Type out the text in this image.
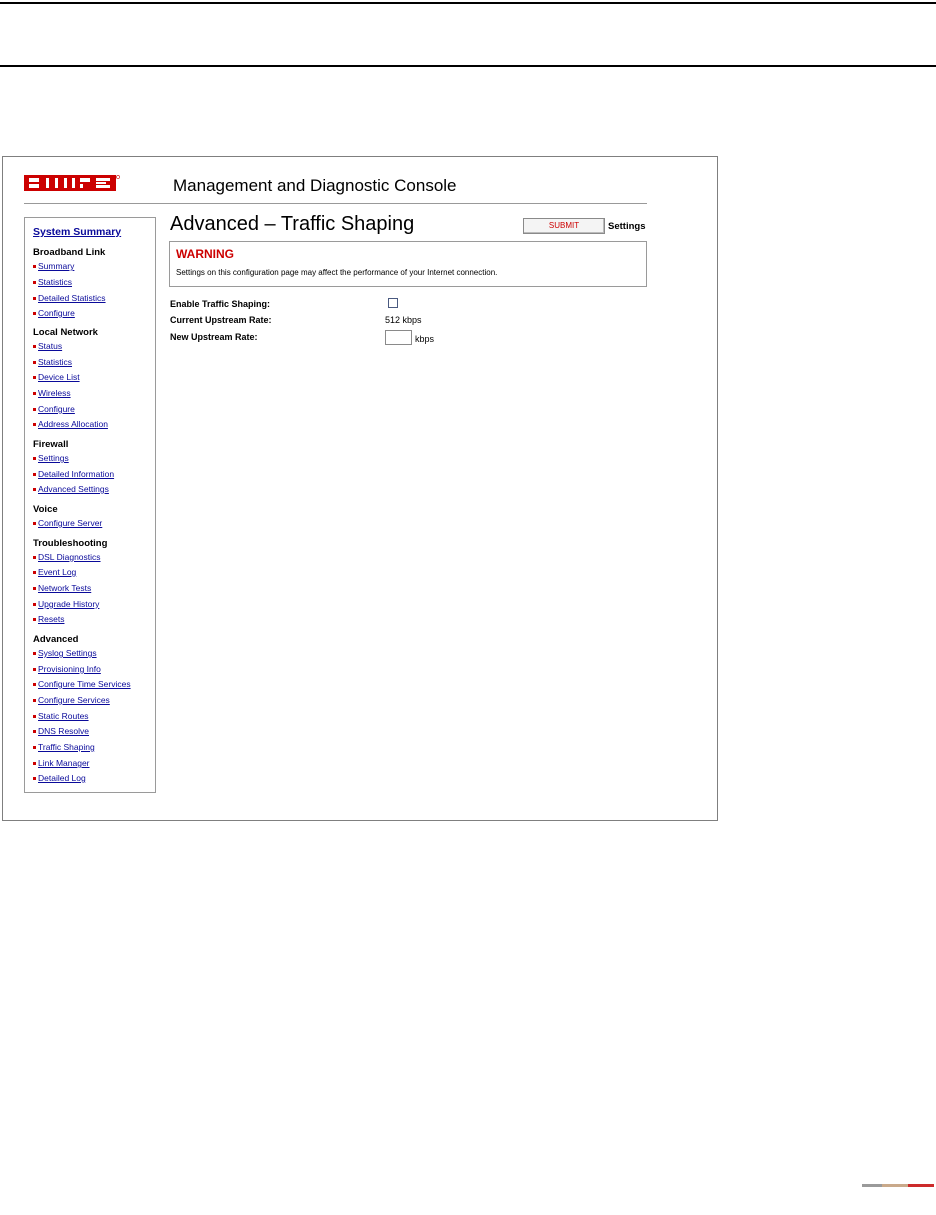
Management and Diagnostic Console
System Summary
Broadband Link
Summary
Statistics
Detailed Statistics
Configure
Local Network
Status
Statistics
Device List
Wireless
Configure
Address Allocation
Firewall
Settings
Detailed Information
Advanced Settings
Voice
Configure Server
Troubleshooting
DSL Diagnostics
Event Log
Network Tests
Upgrade History
Resets
Advanced
Syslog Settings
Provisioning Info
Configure Time Services
Configure Services
Static Routes
DNS Resolve
Traffic Shaping
Link Manager
Detailed Log
Advanced – Traffic Shaping	SUBMIT	Settings
WARNING
Settings on this configuration page may affect the performance of your Internet connection.
Enable Traffic Shaping:
Current Upstream Rate:	512 kbps
New Upstream Rate:	kbps
